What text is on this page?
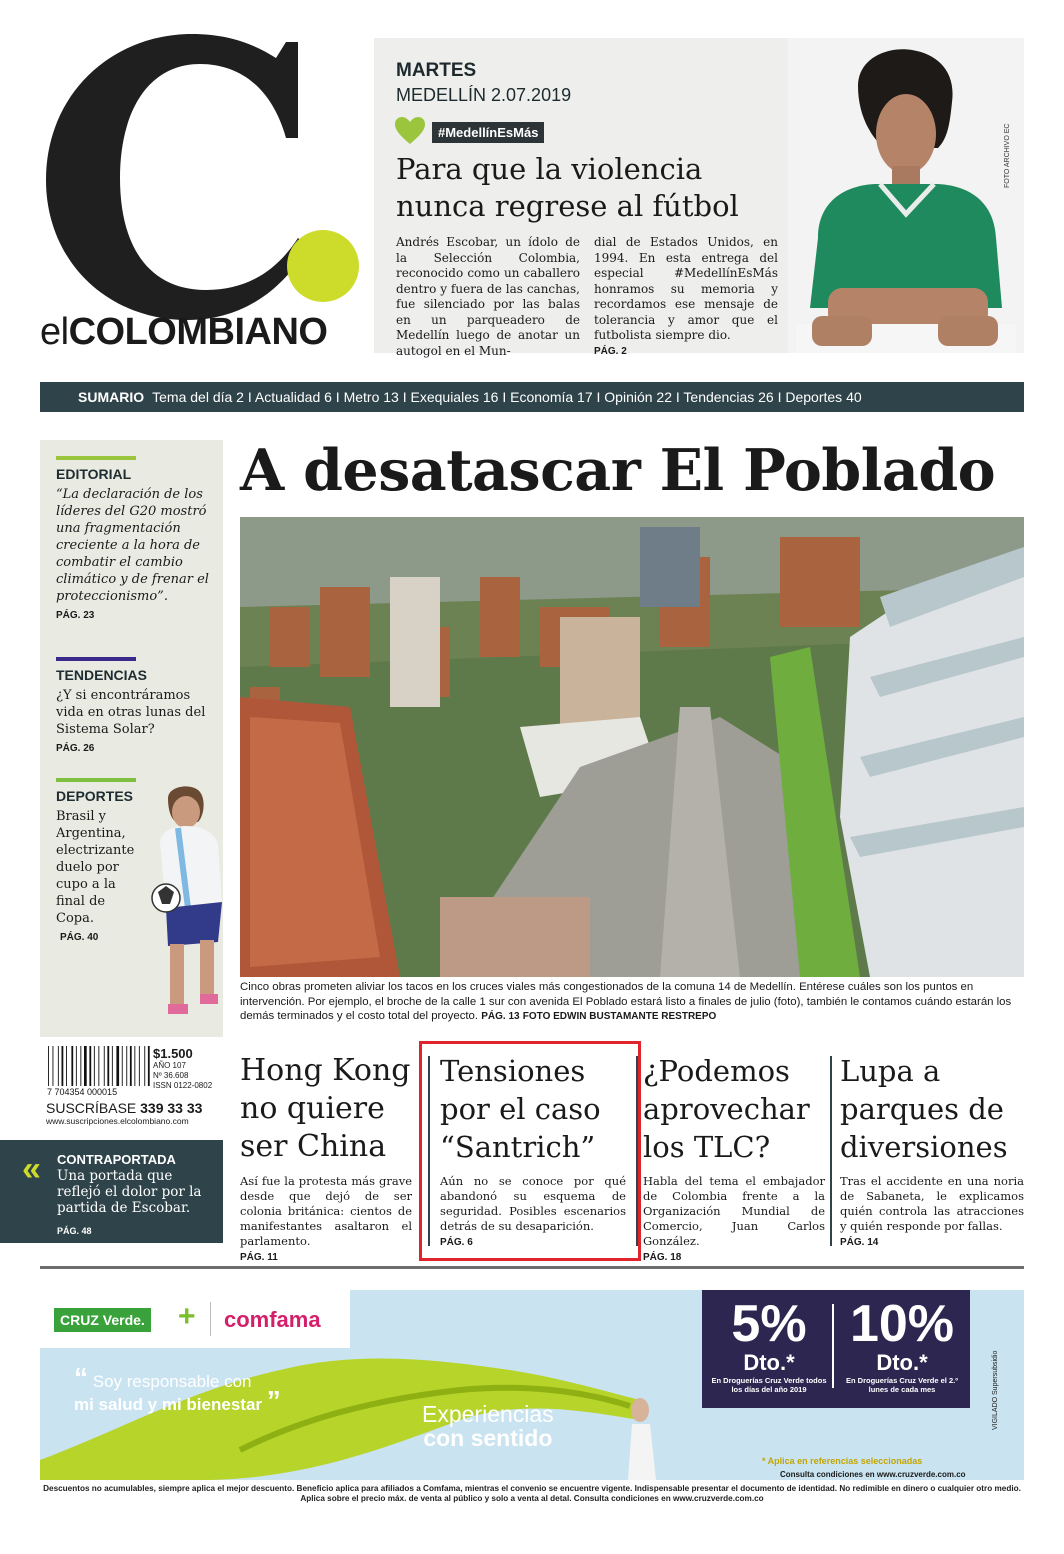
elCOLOMBIANO
MARTES
MEDELLÍN 2.07.2019
#MedellínEsMás
Para que la violencia nunca regrese al fútbol
Andrés Escobar, un ídolo de la Selección Colombia, reconocido como un caballero dentro y fuera de las canchas, fue silenciado por las balas en un parqueadero de Medellín luego de anotar un autogol en el Mun-
dial de Estados Unidos, en 1994. En esta entrega del especial #MedellínEsMás honramos su memoria y recordamos ese mensaje de tolerancia y amor que el futbolista siempre dio.
PÁG. 2
FOTO ARCHIVO EC
SUMARIO Tema del día 2 I Actualidad 6 I Metro 13 I Exequiales 16 I Economía 17 I Opinión 22 I Tendencias 26 I Deportes 40
EDITORIAL
“La declaración de los líderes del G20 mostró una fragmentación creciente a la hora de combatir el cambio climático y de frenar el proteccionismo”.
PÁG. 23
TENDENCIAS
¿Y si encontráramos vida en otras lunas del Sistema Solar?
PÁG. 26
DEPORTES
Brasil y Argentina, electrizante duelo por cupo a la final de Copa.
PÁG. 40
A desatascar El Poblado
Cinco obras prometen aliviar los tacos en los cruces viales más congestionados de la comuna 14 de Medellín. Entérese cuáles son los puntos en intervención. Por ejemplo, el broche de la calle 1 sur con avenida El Poblado estará listo a finales de julio (foto), también le contamos cuándo estarán los demás terminados y el costo total del proyecto. PÁG. 13 FOTO EDWIN BUSTAMANTE RESTREPO
7 704354 000015
$1.500
AÑO 107
Nº 36.608
ISSN 0122-0802
SUSCRÍBASE 339 33 33
www.suscripciones.elcolombiano.com
« CONTRAPORTADA
Una portada que reflejó el dolor por la partida de Escobar.
PÁG. 48
Hong Kong no quiere ser China
Así fue la protesta más grave desde que dejó de ser colonia británica: cientos de manifestantes asaltaron el parlamento.
PÁG. 11
Tensiones por el caso “Santrich”
Aún no se conoce por qué abandonó su esquema de seguridad. Posibles escenarios detrás de su desaparición.
PÁG. 6
¿Podemos aprovechar los TLC?
Habla del tema el embajador de Colombia frente a la Organización Mundial de Comercio, Juan Carlos González.
PÁG. 18
Lupa a parques de diversiones
Tras el accidente en una noria de Sabaneta, le explicamos quién controla las atracciones y quién responde por fallas.
PÁG. 14
CRUZ Verde. + comfama
“ Soy responsable con
mi salud y mi bienestar ”	Experiencias
con sentido
5%
Dto.*
En Droguerías Cruz Verde todos los días del año 2019
10%
Dto.*
En Droguerías Cruz Verde el 2.º lunes de cada mes
* Aplica en referencias seleccionadas
Consulta condiciones en www.cruzverde.com.co
VIGILADO Supersubsidio
Descuentos no acumulables, siempre aplica el mejor descuento. Beneficio aplica para afiliados a Comfama, mientras el convenio se encuentre vigente. Indispensable presentar el documento de identidad. No redimible en dinero o cualquier otro medio.
Aplica sobre el precio máx. de venta al público y solo a venta al detal. Consulta condiciones en www.cruzverde.com.co
